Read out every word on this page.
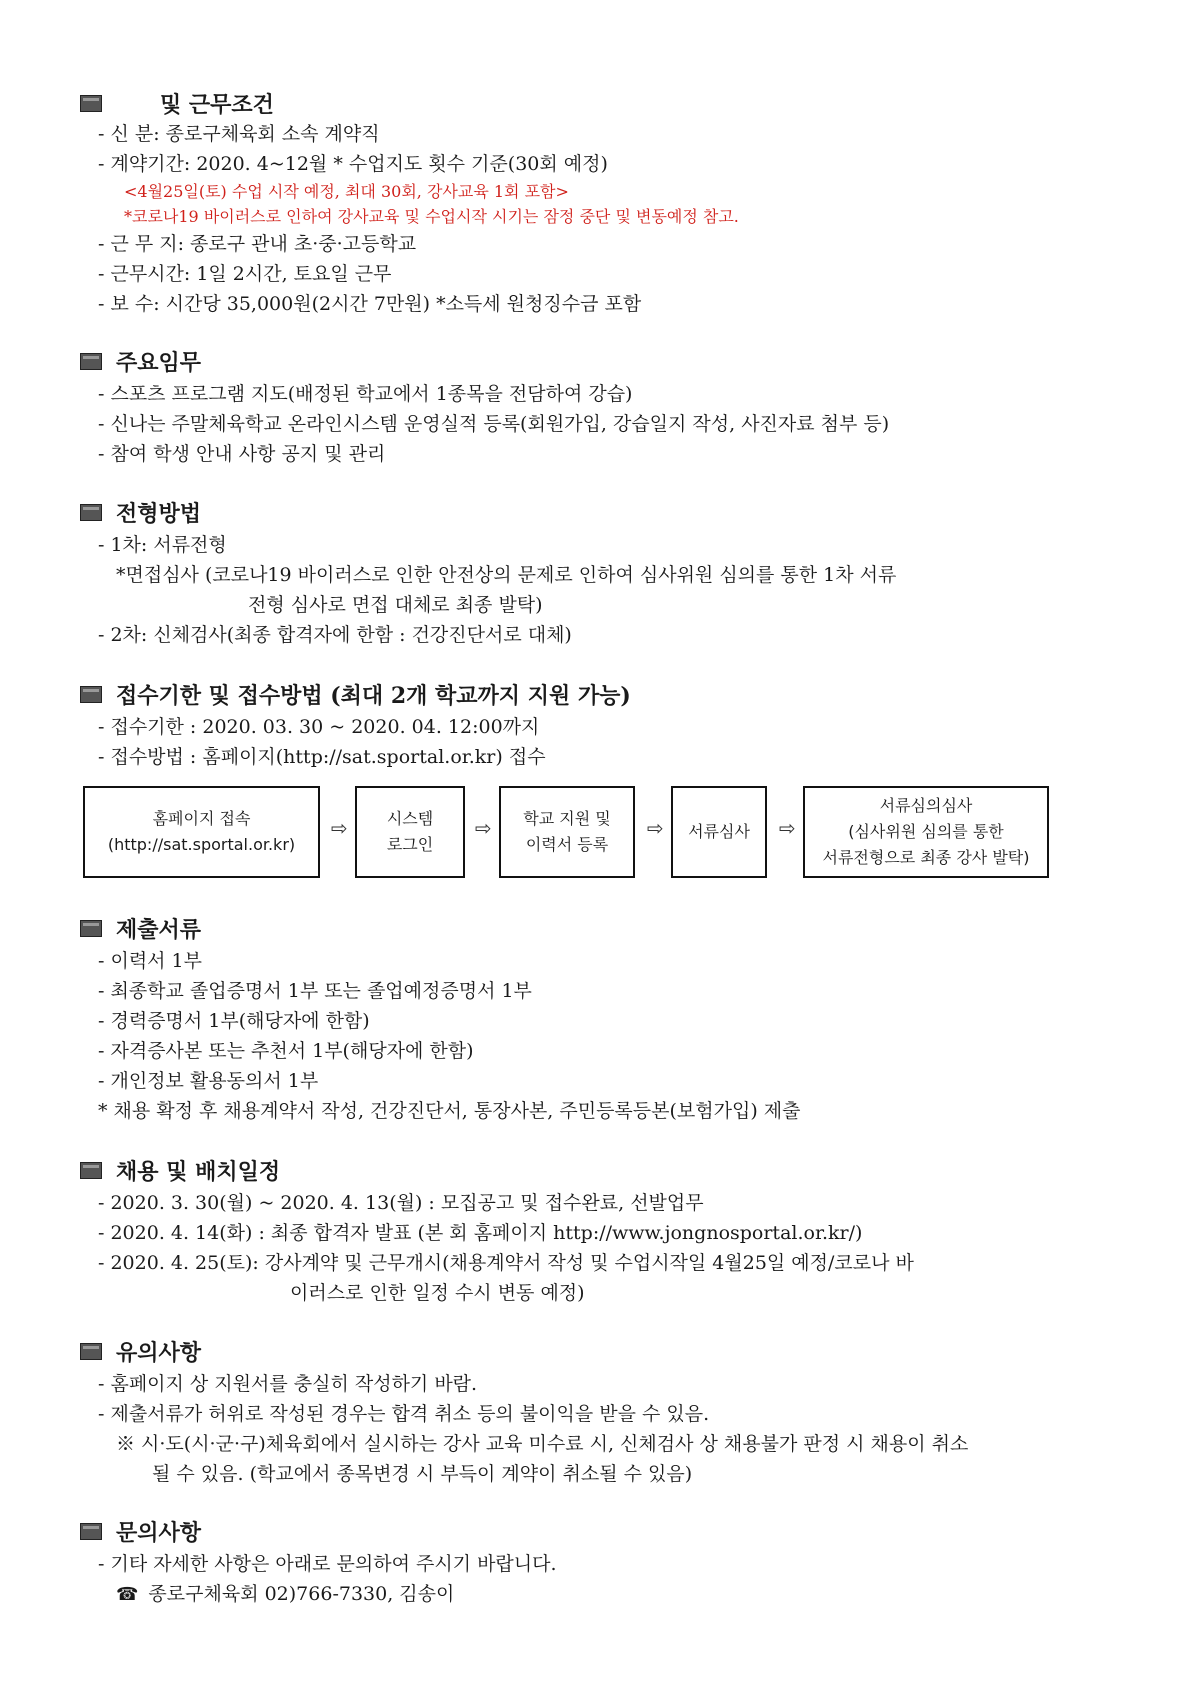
및 근무조건
- 신 분: 종로구체육회 소속 계약직
- 계약기간: 2020. 4~12월 * 수업지도 횟수 기준(30회 예정)
<4월25일(토) 수업 시작 예정, 최대 30회, 강사교육 1회 포함>
*코로나19 바이러스로 인하여 강사교육 및 수업시작 시기는 잠정 중단 및 변동예정 참고.
- 근 무 지: 종로구 관내 초·중·고등학교
- 근무시간: 1일 2시간, 토요일 근무
- 보 수: 시간당 35,000원(2시간 7만원) *소득세 원청징수금 포함
주요임무
- 스포츠 프로그램 지도(배정된 학교에서 1종목을 전담하여 강습)
- 신나는 주말체육학교 온라인시스템 운영실적 등록(회원가입, 강습일지 작성, 사진자료 첨부 등)
- 참여 학생 안내 사항 공지 및 관리
전형방법
- 1차: 서류전형
*면접심사 (코로나19 바이러스로 인한 안전상의 문제로 인하여 심사위원 심의를 통한 1차 서류
전형 심사로 면접 대체로 최종 발탁)
- 2차: 신체검사(최종 합격자에 한함 : 건강진단서로 대체)
접수기한 및 접수방법 (최대 2개 학교까지 지원 가능)
- 접수기한 : 2020. 03. 30 ~ 2020. 04. 12:00까지
- 접수방법 : 홈페이지(http://sat.sportal.or.kr) 접수
홈페이지 접속
(http://sat.sportal.or.kr)
⇨ 시스템
로그인
⇨ 학교 지원 및
이력서 등록
⇨ 서류심사 ⇨
서류심의심사
(심사위원 심의를 통한
서류전형으로 최종 강사 발탁)
제출서류
- 이력서 1부
- 최종학교 졸업증명서 1부 또는 졸업예정증명서 1부
- 경력증명서 1부(해당자에 한함)
- 자격증사본 또는 추천서 1부(해당자에 한함)
- 개인정보 활용동의서 1부
* 채용 확정 후 채용계약서 작성, 건강진단서, 통장사본, 주민등록등본(보험가입) 제출
채용 및 배치일정
- 2020. 3. 30(월) ~ 2020. 4. 13(월) : 모집공고 및 접수완료, 선발업무
- 2020. 4. 14(화) : 최종 합격자 발표 (본 회 홈페이지 http://www.jongnosportal.or.kr/)
- 2020. 4. 25(토): 강사계약 및 근무개시(채용계약서 작성 및 수업시작일 4월25일 예정/코로나 바
이러스로 인한 일정 수시 변동 예정)
유의사항
- 홈페이지 상 지원서를 충실히 작성하기 바람.
- 제출서류가 허위로 작성된 경우는 합격 취소 등의 불이익을 받을 수 있음.
※ 시·도(시·군·구)체육회에서 실시하는 강사 교육 미수료 시, 신체검사 상 채용불가 판정 시 채용이 취소
될 수 있음. (학교에서 종목변경 시 부득이 계약이 취소될 수 있음)
문의사항
- 기타 자세한 사항은 아래로 문의하여 주시기 바랍니다.
☎ 종로구체육회 02)766-7330, 김송이
